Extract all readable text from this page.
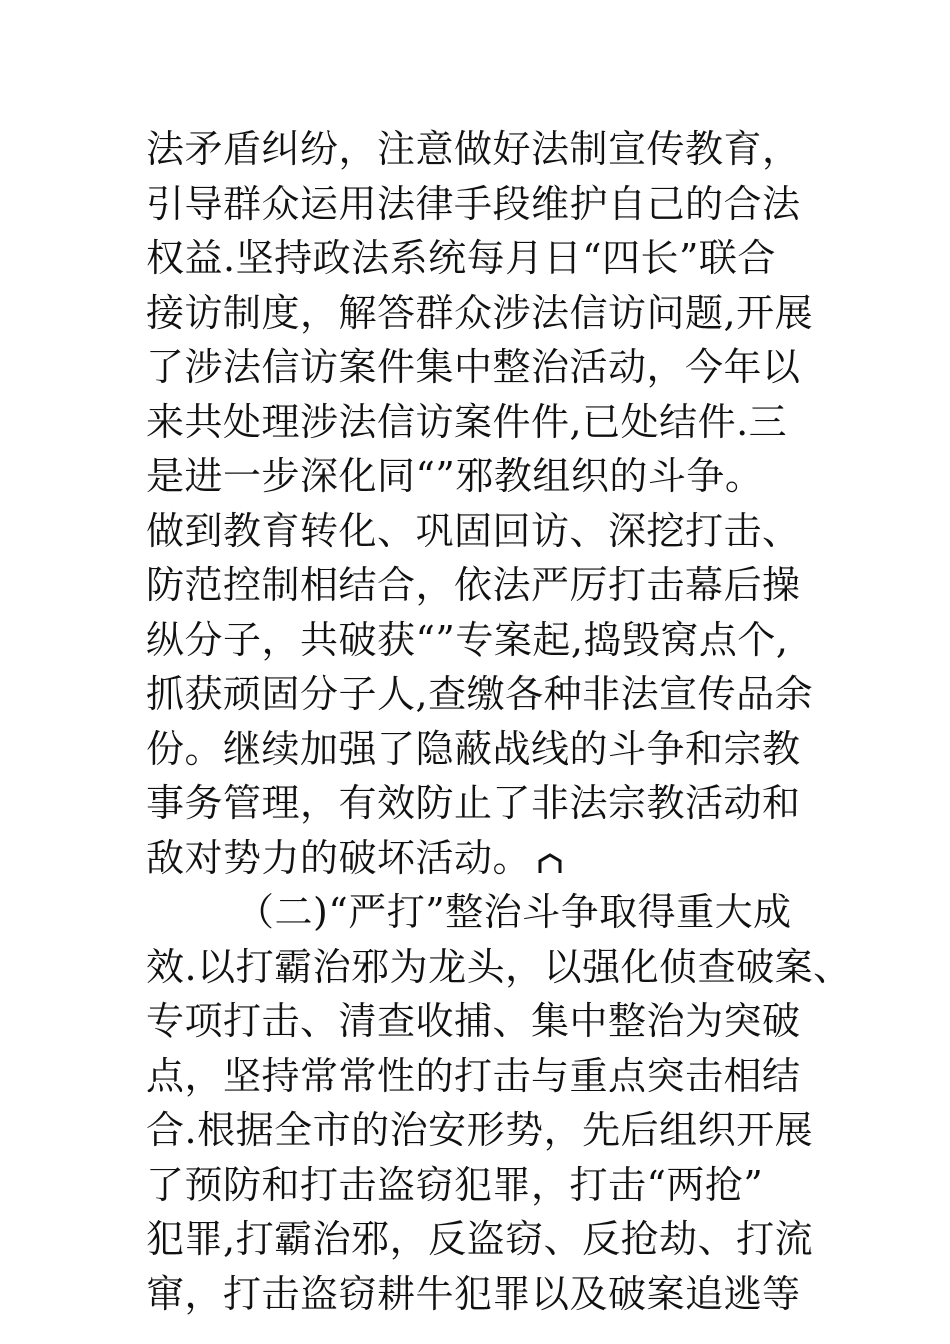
法矛盾纠纷，注意做好法制宣传教育，
引导群众运用法律手段维护自己的合法
权益.坚持政法系统每月日“四长”联合
接访制度，解答群众涉法信访问题,开展
了涉法信访案件集中整治活动，今年以
来共处理涉法信访案件件,已处结件.三
是进一步深化同“”邪教组织的斗争。
做到教育转化、巩固回访、深挖打击、
防范控制相结合，依法严厉打击幕后操
纵分子，共破获“”专案起,捣毁窝点个,
抓获顽固分子人,查缴各种非法宣传品余
份。继续加强了隐蔽战线的斗争和宗教
事务管理，有效防止了非法宗教活动和
敌对势力的破坏活动。
（二)“严打”整治斗争取得重大成
效.以打霸治邪为龙头，以强化侦查破案、
专项打击、清查收捕、集中整治为突破
点，坚持常常性的打击与重点突击相结
合.根据全市的治安形势，先后组织开展
了预防和打击盗窃犯罪，打击“两抢”
犯罪,打霸治邪，反盗窃、反抢劫、打流
窜，打击盗窃耕牛犯罪以及破案追逃等
